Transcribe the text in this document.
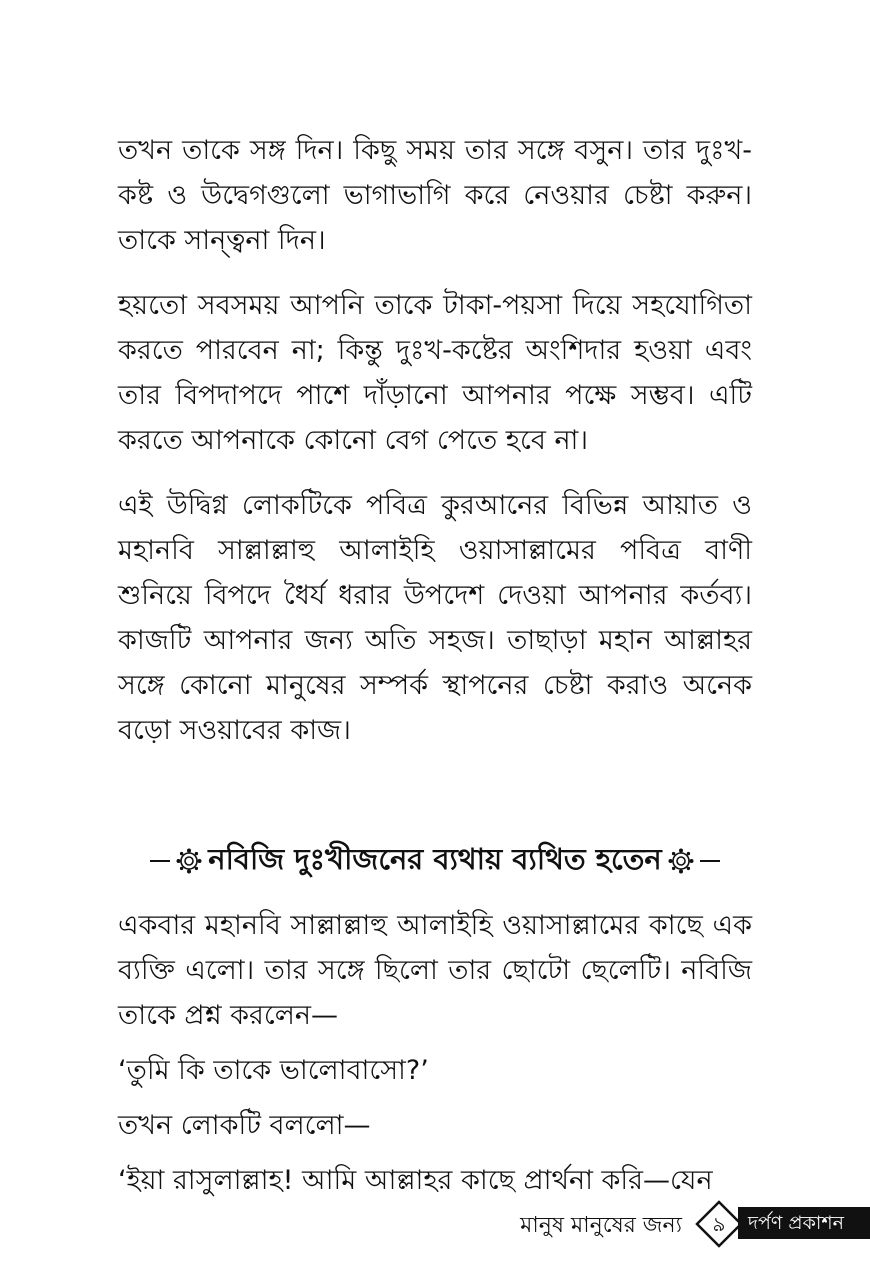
তখন তাকে সঙ্গ দিন। কিছু সময় তার সঙ্গে বসুন। তার দুঃখ-কষ্ট ও উদ্বেগগুলো ভাগাভাগি করে নেওয়ার চেষ্টা করুন। তাকে সান্ত্বনা দিন।

হয়তো সবসময় আপনি তাকে টাকা-পয়সা দিয়ে সহযোগিতা করতে পারবেন না; কিন্তু দুঃখ-কষ্টের অংশিদার হওয়া এবং তার বিপদাপদে পাশে দাঁড়ানো আপনার পক্ষে সম্ভব। এটি করতে আপনাকে কোনো বেগ পেতে হবে না।

এই উদ্বিগ্ন লোকটিকে পবিত্র কুরআনের বিভিন্ন আয়াত ও মহানবি সাল্লাল্লাহু আলাইহি ওয়াসাল্লামের পবিত্র বাণী শুনিয়ে বিপদে ধৈর্য ধরার উপদেশ দেওয়া আপনার কর্তব্য। কাজটি আপনার জন্য অতি সহজ। তাছাড়া মহান আল্লাহর সঙ্গে কোনো মানুষের সম্পর্ক স্থাপনের চেষ্টা করাও অনেক বড়ো সওয়াবের কাজ।

নবিজি দুঃখীজনের ব্যথায় ব্যথিত হতেন

একবার মহানবি সাল্লাল্লাহু আলাইহি ওয়াসাল্লামের কাছে এক ব্যক্তি এলো। তার সঙ্গে ছিলো তার ছোটো ছেলেটি। নবিজি তাকে প্রশ্ন করলেন—

‘তুমি কি তাকে ভালোবাসো?’

তখন লোকটি বললো—

‘ইয়া রাসুলাল্লাহ! আমি আল্লাহর কাছে প্রার্থনা করি—যেন

মানুষ মানুষের জন্য	৯	দর্পণ প্রকাশন
